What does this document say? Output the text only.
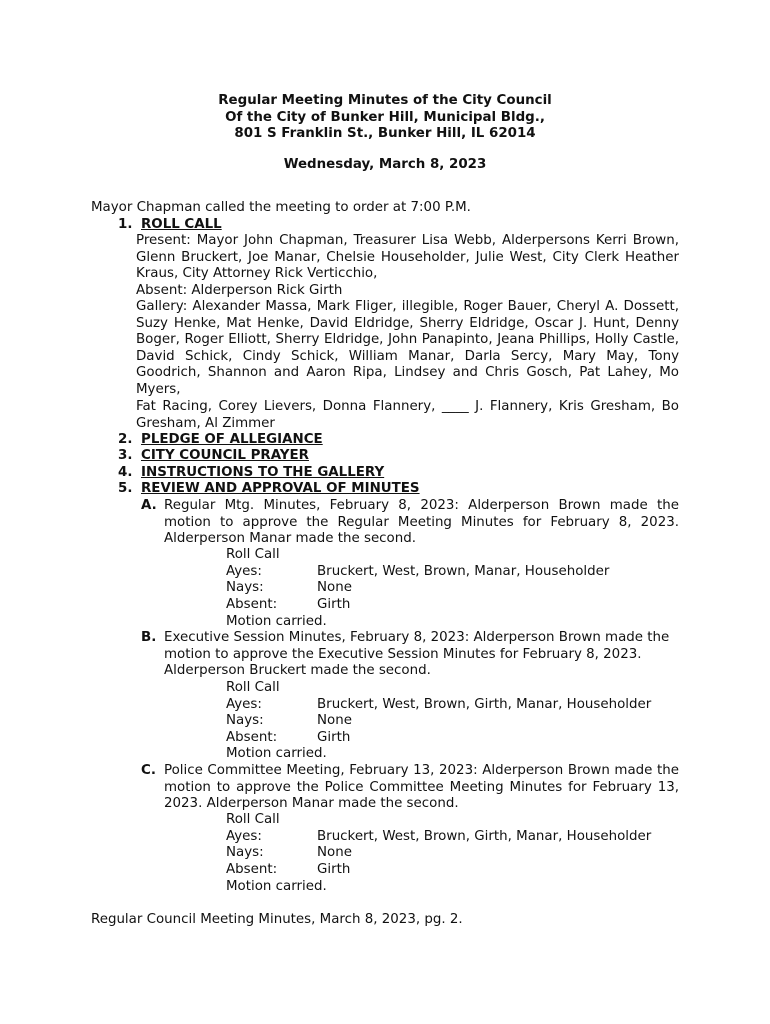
Regular Meeting Minutes of the City Council
Of the City of Bunker Hill, Municipal Bldg.,
801 S Franklin St., Bunker Hill, IL 62014
Wednesday, March 8, 2023
Mayor Chapman called the meeting to order at 7:00 P.M.
1. ROLL CALL
Present: Mayor John Chapman, Treasurer Lisa Webb, Alderpersons Kerri Brown, Glenn Bruckert, Joe Manar, Chelsie Householder, Julie West, City Clerk Heather Kraus, City Attorney Rick Verticchio,
Absent: Alderperson Rick Girth
Gallery: Alexander Massa, Mark Fliger, illegible, Roger Bauer, Cheryl A. Dossett, Suzy Henke, Mat Henke, David Eldridge, Sherry Eldridge, Oscar J. Hunt, Denny Boger, Roger Elliott, Sherry Eldridge, John Panapinto, Jeana Phillips, Holly Castle, David Schick, Cindy Schick, William Manar, Darla Sercy, Mary May, Tony Goodrich, Shannon and Aaron Ripa, Lindsey and Chris Gosch, Pat Lahey, Mo Myers,
Fat Racing, Corey Lievers, Donna Flannery, ____ J. Flannery, Kris Gresham, Bo Gresham, Al Zimmer
2. PLEDGE OF ALLEGIANCE
3. CITY COUNCIL PRAYER
4. INSTRUCTIONS TO THE GALLERY
5. REVIEW AND APPROVAL OF MINUTES
A. Regular Mtg. Minutes, February 8, 2023: Alderperson Brown made the motion to approve the Regular Meeting Minutes for February 8, 2023. Alderperson Manar made the second.
Roll Call
Ayes:	Bruckert, West, Brown, Manar, Householder
Nays:	None
Absent:	Girth
Motion carried.
B. Executive Session Minutes, February 8, 2023: Alderperson Brown made the motion to approve the Executive Session Minutes for February 8, 2023. Alderperson Bruckert made the second.
Roll Call
Ayes:	Bruckert, West, Brown, Girth, Manar, Householder
Nays:	None
Absent:	Girth
Motion carried.
C. Police Committee Meeting, February 13, 2023: Alderperson Brown made the motion to approve the Police Committee Meeting Minutes for February 13, 2023. Alderperson Manar made the second.
Roll Call
Ayes:	Bruckert, West, Brown, Girth, Manar, Householder
Nays:	None
Absent:	Girth
Motion carried.
Regular Council Meeting Minutes, March 8, 2023, pg. 2.
